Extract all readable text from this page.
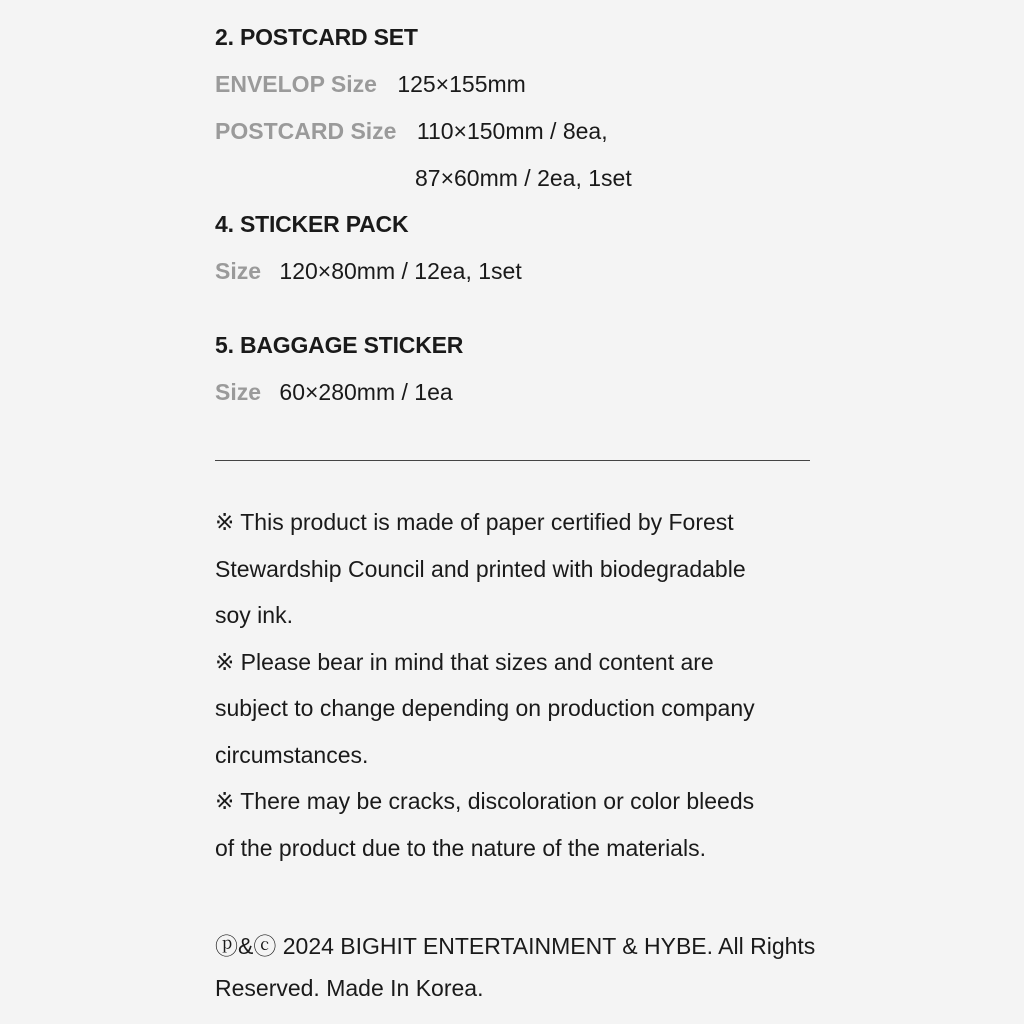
2. POSTCARD SET
ENVELOP Size 125×155mm
POSTCARD Size 110×150mm / 8ea,
87×60mm / 2ea, 1set
4. STICKER PACK
Size 120×80mm / 12ea, 1set
5. BAGGAGE STICKER
Size 60×280mm / 1ea
※ This product is made of paper certified by Forest
Stewardship Council and printed with biodegradable
soy ink.
※ Please bear in mind that sizes and content are
subject to change depending on production company
circumstances.
※ There may be cracks, discoloration or color bleeds
of the product due to the nature of the materials.
ⓟ&ⓒ 2024 BIGHIT ENTERTAINMENT & HYBE. All Rights
Reserved. Made In Korea.
